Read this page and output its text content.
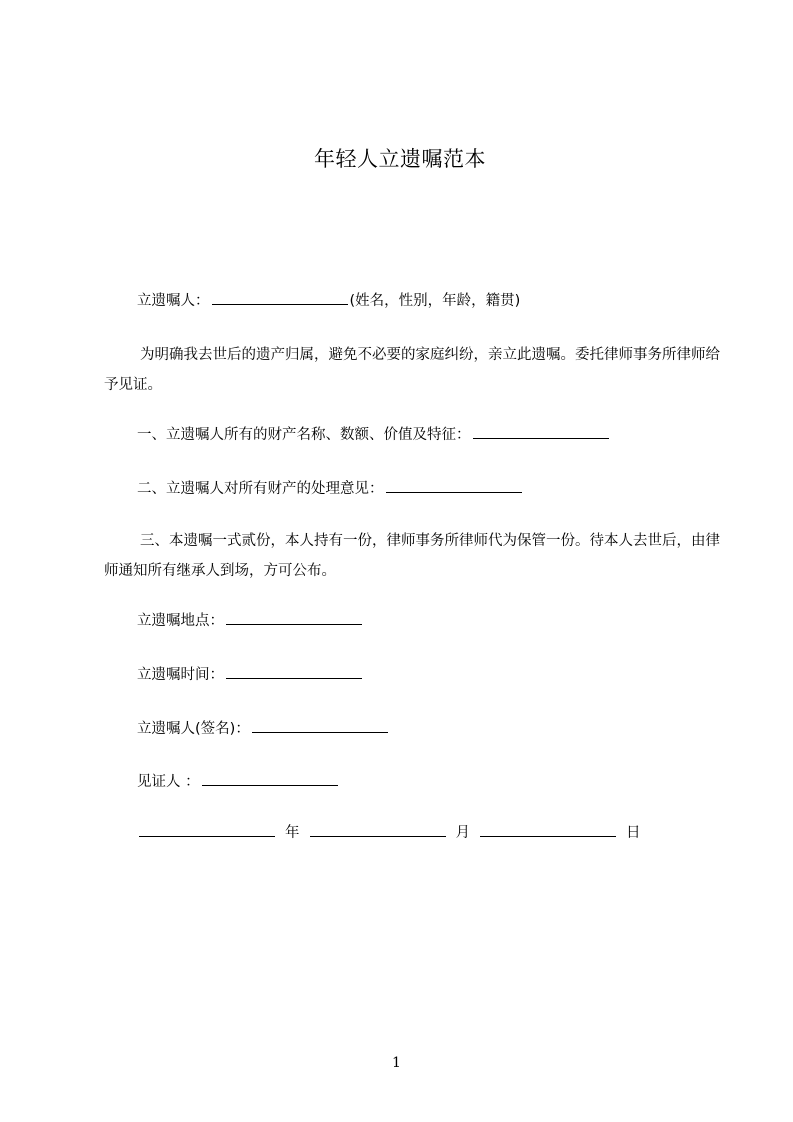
年轻人立遗嘱范本
立遗嘱人：	(姓名，性别，年龄，籍贯)
为明确我去世后的遗产归属，避免不必要的家庭纠纷，亲立此遗嘱。委托律师事务所律师给予见证。
一、立遗嘱人所有的财产名称、数额、价值及特征：
二、立遗嘱人对所有财产的处理意见：
三、本遗嘱一式贰份，本人持有一份，律师事务所律师代为保管一份。待本人去世后，由律师通知所有继承人到场，方可公布。
立遗嘱地点：
立遗嘱时间：
立遗嘱人(签名)：
见证人 ：
年	月	日
1
